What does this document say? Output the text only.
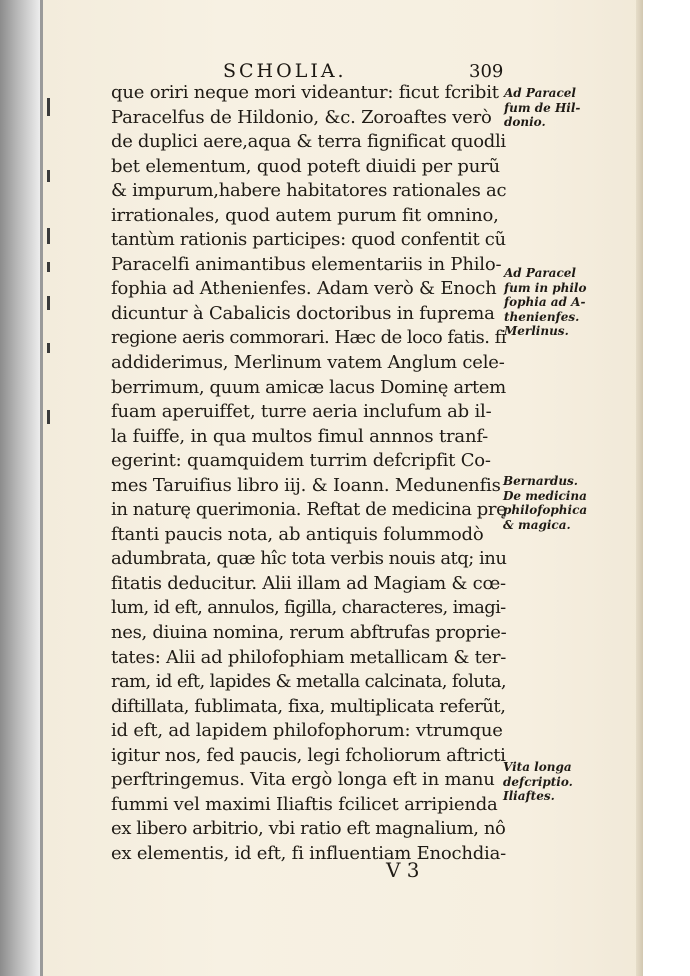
SCHOLIA.	309
que oriri neque mori videantur: ficut fcribit
Paracelfus de Hildonio, &c. Zoroaftes verò
de duplici aere,aqua & terra fignificat quodli
bet elementum, quod poteft diuidi per purũ
& impurum,habere habitatores rationales ac
irrationales, quod autem purum fit omnino,
tantùm rationis participes: quod confentit cũ
Paracelfi animantibus elementariis in Philo-
fophia ad Athenienfes. Adam verò & Enoch
dicuntur à Cabalicis doctoribus in fuprema
regione aeris commorari. Hæc de loco fatis. fi
addiderimus, Merlinum vatem Anglum cele-
berrimum, quum amicæ lacus Dominę artem
fuam aperuiffet, turre aeria inclufum ab il-
la fuiffe, in qua multos fimul annnos tranf-
egerint: quamquidem turrim defcripfit Co-
mes Taruifius libro iij. & Ioann. Medunenfis
in naturę querimonia. Reftat de medicina prę
ftanti paucis nota, ab antiquis folummodò
adumbrata, quæ hîc tota verbis nouis atq; inu
fitatis deducitur. Alii illam ad Magiam & cœ-
lum, id eft, annulos, figilla, characteres, imagi-
nes, diuina nomina, rerum abftrufas proprie-
tates: Alii ad philofophiam metallicam & ter-
ram, id eft, lapides & metalla calcinata, foluta,
diftillata, fublimata, fixa, multiplicata referũt,
id eft, ad lapidem philofophorum: vtrumque
igitur nos, fed paucis, legi fcholiorum aftricti
perftringemus. Vita ergò longa eft in manu
fummi vel maximi Iliaftis fcilicet arripienda
ex libero arbitrio, vbi ratio eft magnalium, nô
ex elementis, id eft, fi influentiam Enochdia-
Ad Paracel
fum de Hil-
donio.
Ad Paracel
fum in philo
fophia ad A-
thenienfes.
Merlinus.
Bernardus.
De medicina
philofophica
& magica.
Vita longa
defcriptio.
Iliaftes.
V 3
